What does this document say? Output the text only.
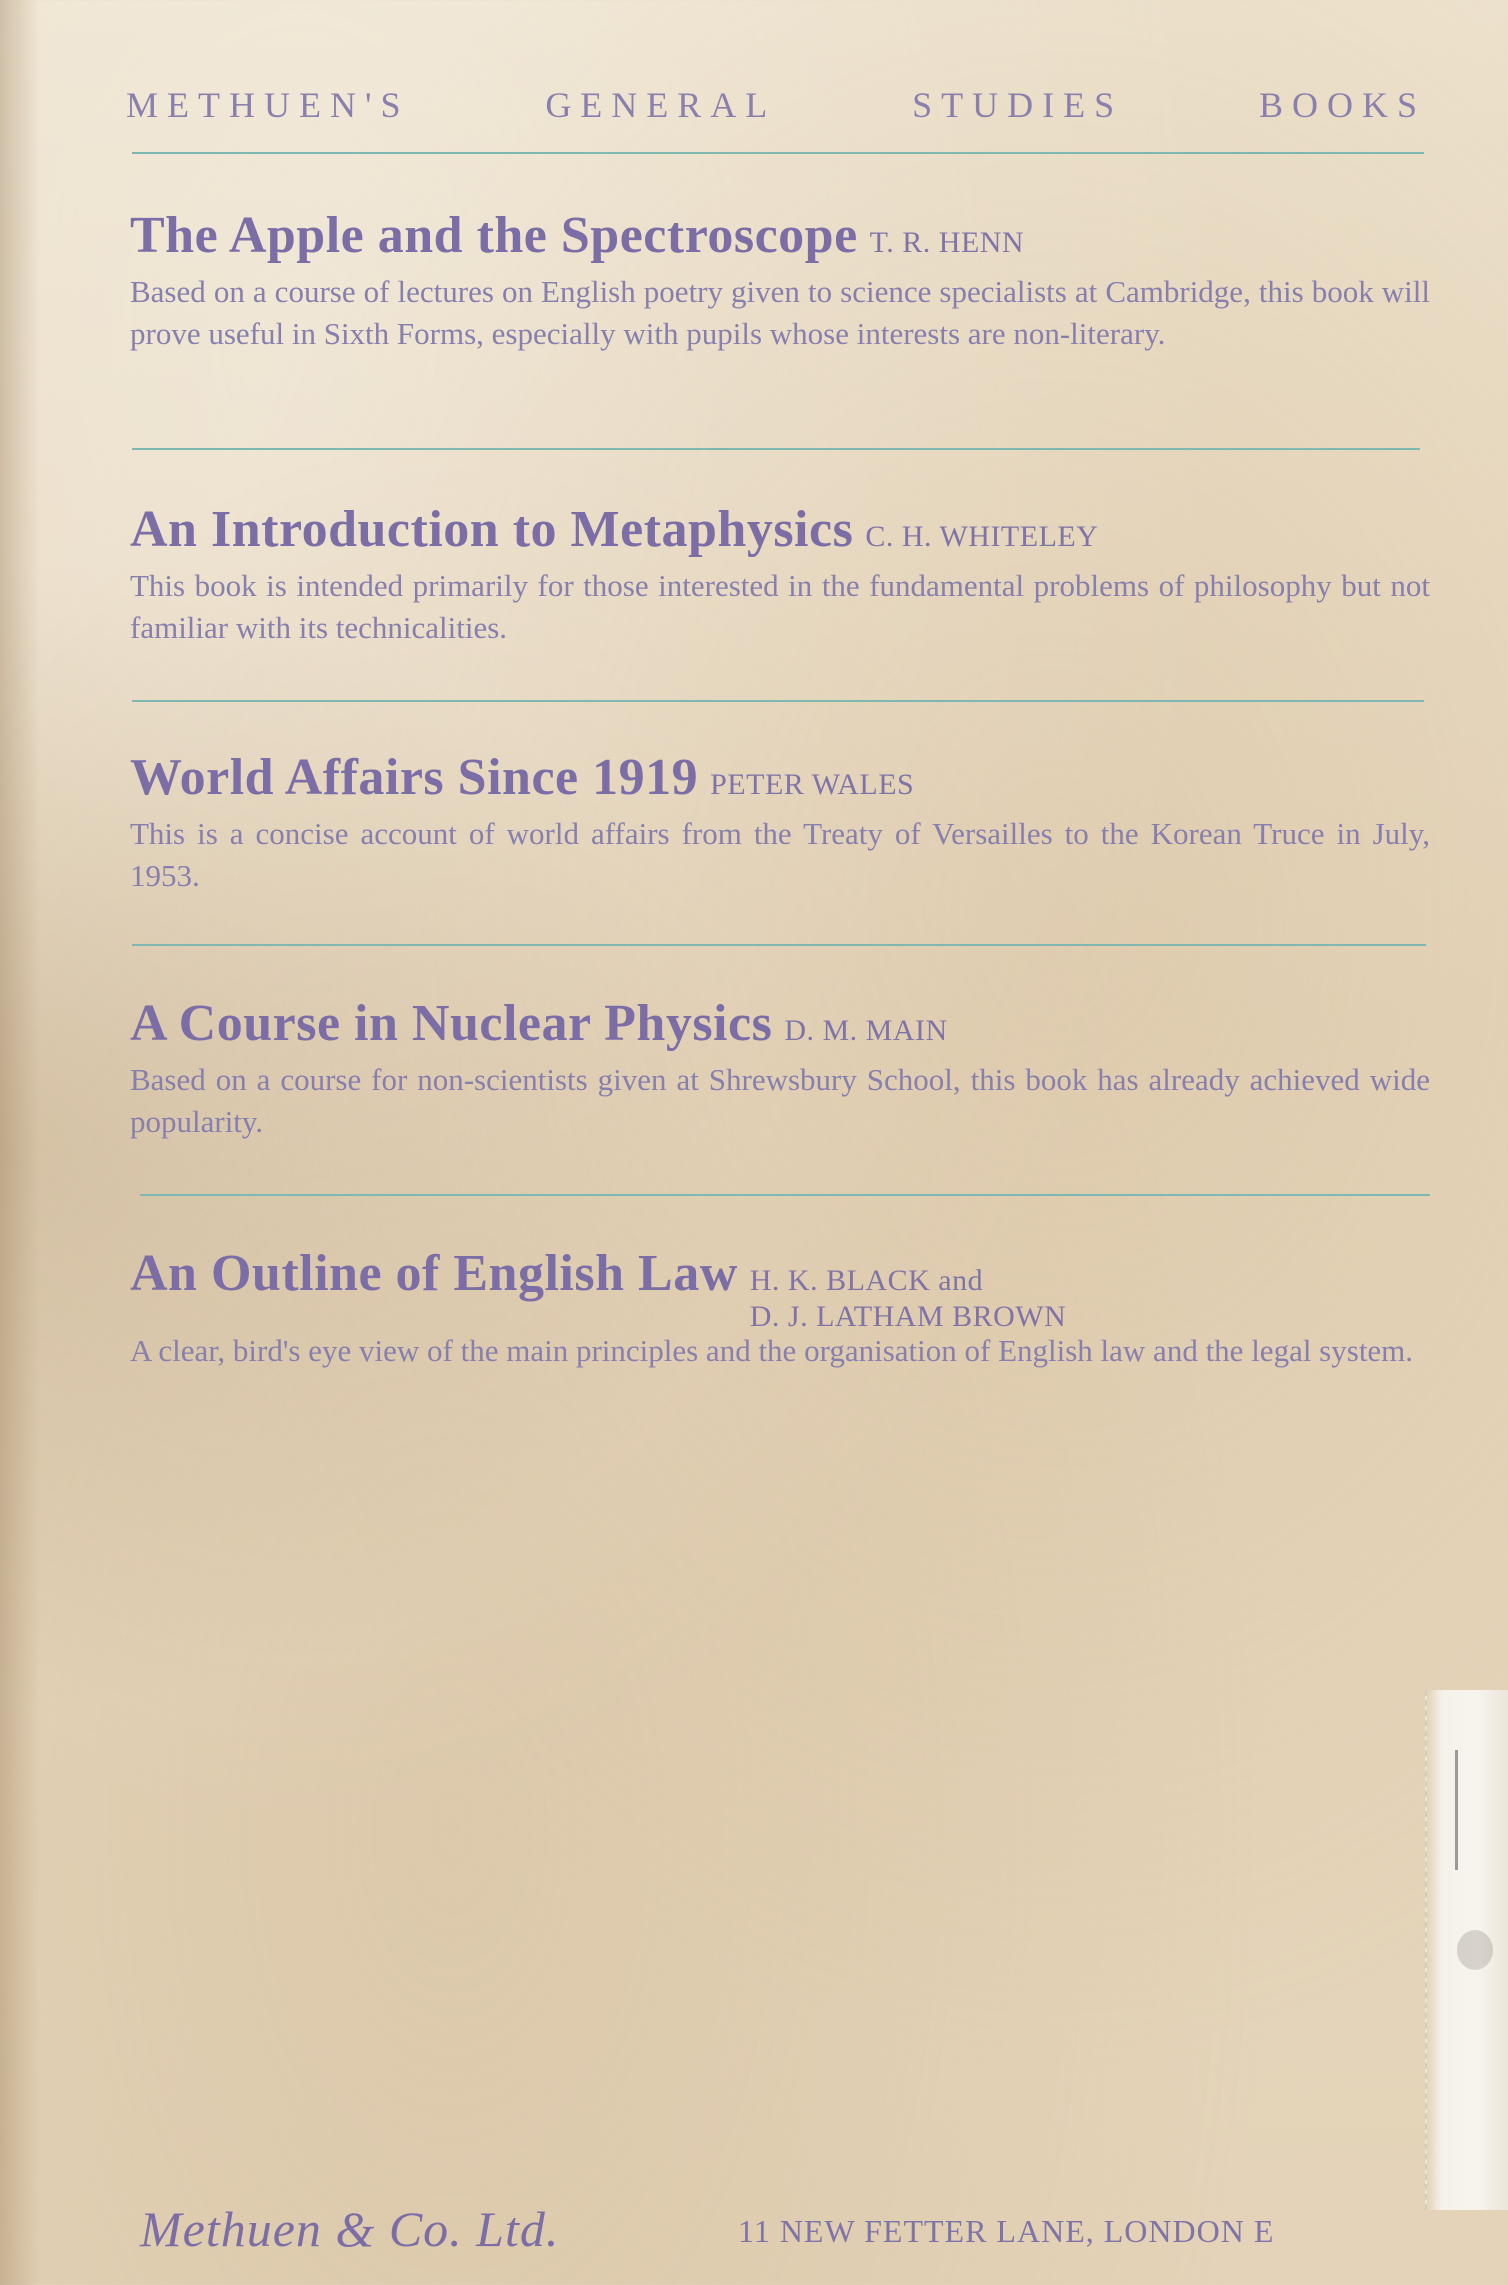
METHUEN'S	GENERAL	STUDIES	BOOKS
The Apple and the Spectroscope T. R. HENN
Based on a course of lectures on English poetry given to science specialists at Cambridge, this book will prove useful in Sixth Forms, especially with pupils whose interests are non-literary.
An Introduction to Metaphysics C. H. WHITELEY
This book is intended primarily for those interested in the fundamental problems of philosophy but not familiar with its technicalities.
World Affairs Since 1919 PETER WALES
This is a concise account of world affairs from the Treaty of Versailles to the Korean Truce in July, 1953.
A Course in Nuclear Physics D. M. MAIN
Based on a course for non-scientists given at Shrewsbury School, this book has already achieved wide popularity.
An Outline of English Law H. K. BLACK and
D. J. LATHAM BROWN
A clear, bird's eye view of the main principles and the organisation of English law and the legal system.
Methuen & Co. Ltd.	11 NEW FETTER LANE, LONDON E
